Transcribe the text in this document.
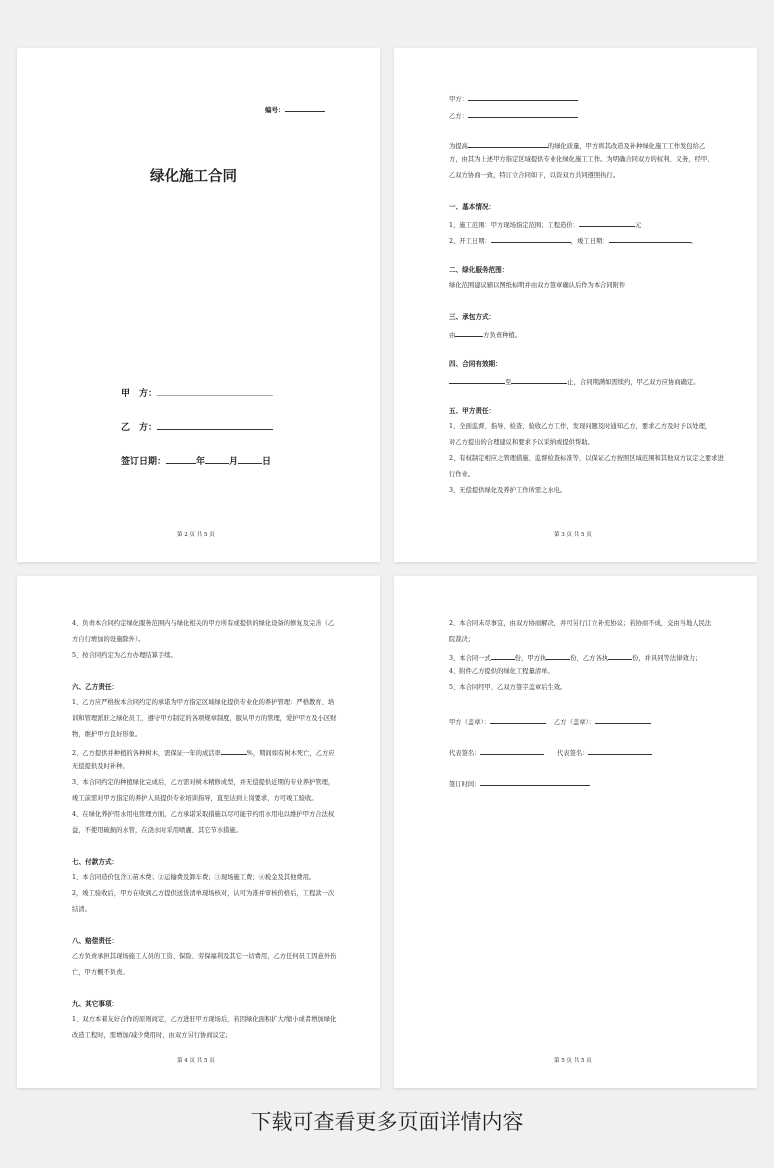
编号：
绿化施工合同
甲　方：
乙　方：
签订日期：	年	月	日
第 2 页 共 5 页
甲方：
乙方：
为提高	的绿化质量，甲方将其改造及补种绿化施工工作发包给乙
方，由其为上述甲方指定区域提供专业化绿化施工工作。为明确合同双方的权利、义务，经甲、
乙双方协商一致，特订立合同如下，以资双方共同遵照执行。
一、基本情况：
1、施工范围：甲方现场指定范围；工程造价：	元
2、开工日期：	，竣工日期：	。
二、绿化服务范围：
绿化范围建议辅以图纸标明并由双方签章确认后作为本合同附件
三、承包方式：
由	方负责种植。
四、合同有效期：
至	止，合同期满如需续约，甲乙双方应协商确定。
五、甲方责任：
1、全面监督、指导、检查、验收乙方工作，发现问题及时通知乙方，要求乙方及时予以处理，
对乙方提出的合理建议和要求予以采纳或提供帮助。
2、有权制定相应之管理措施、监督检查标准等，以保证乙方按照区域范围和其他双方议定之要求进
行作业。
3、无偿提供绿化及养护工作所需之水电。
第 3 页 共 5 页
4、负责本合同约定绿化服务范围内与绿化相关的甲方所有或提供的绿化设备的修复及完善（乙
方自行增加的设施除外）。
5、按合同约定为乙方办理结算手续。
六、乙方责任：
1、乙方应严格按本合同约定的承诺为甲方指定区域绿化提供专业化的养护管理：严格教育、培
训和管理派驻之绿化员工，遵守甲方制定的各项规章制度，服从甲方的管理，爱护甲方及小区财
物，维护甲方良好形象。
2、乙方提供并种植的各种树木，需保证一年的成活率	%，期间如有树木死亡，乙方应
无偿提供及时补种。
3、本合同约定的种植绿化完成后，乙方需对树木精修成型，并无偿提供近期的专业养护管理，
竣工前需对甲方指定的养护人员提供专业培训指导，直至达到上岗要求，方可竣工验收。
4、在绿化养护用水用电管理方面，乙方承诺采取措施以尽可能节约用水用电以维护甲方合法权
益，不使用破损的水管，在浇水时采用喷灌、其它节水措施。
七、付款方式：
1、本合同造价包含①苗木费；②运输费及卸车费；③现场施工费；④税金及其他费用。
2，竣工验收后，甲方在收到乙方提供送货清单现场核对，认可为准并审核价格后，工程款一次
结清。
八、赔偿责任：
乙方负责承担其现场施工人员的工资、保险、劳保福利及其它一切费用，乙方任何员工因意外伤
亡，甲方概不负责。
九、其它事项：
1、双方本着友好合作的原则商定，乙方进驻甲方现场后，若因绿化面积扩大/缩小或者增加绿化
改造工程时，需增加/减少费用时，由双方另行协商议定；
第 4 页 共 5 页
2、本合同未尽事宜，由双方协商解决，并可另行订立补充协议；若协商不成，交由当地人民法
院裁决；
3、本合同一式	份，甲方执	份，乙方各执	份，并具同等法律效力；
4、附件乙方提供的绿化工程量清单。
5、本合同经甲、乙双方签字盖章后生效。
甲方（盖章）：	乙方（盖章）：
代表签名：	代表签名：
签订时间：
第 5 页 共 5 页
下载可查看更多页面详情内容
